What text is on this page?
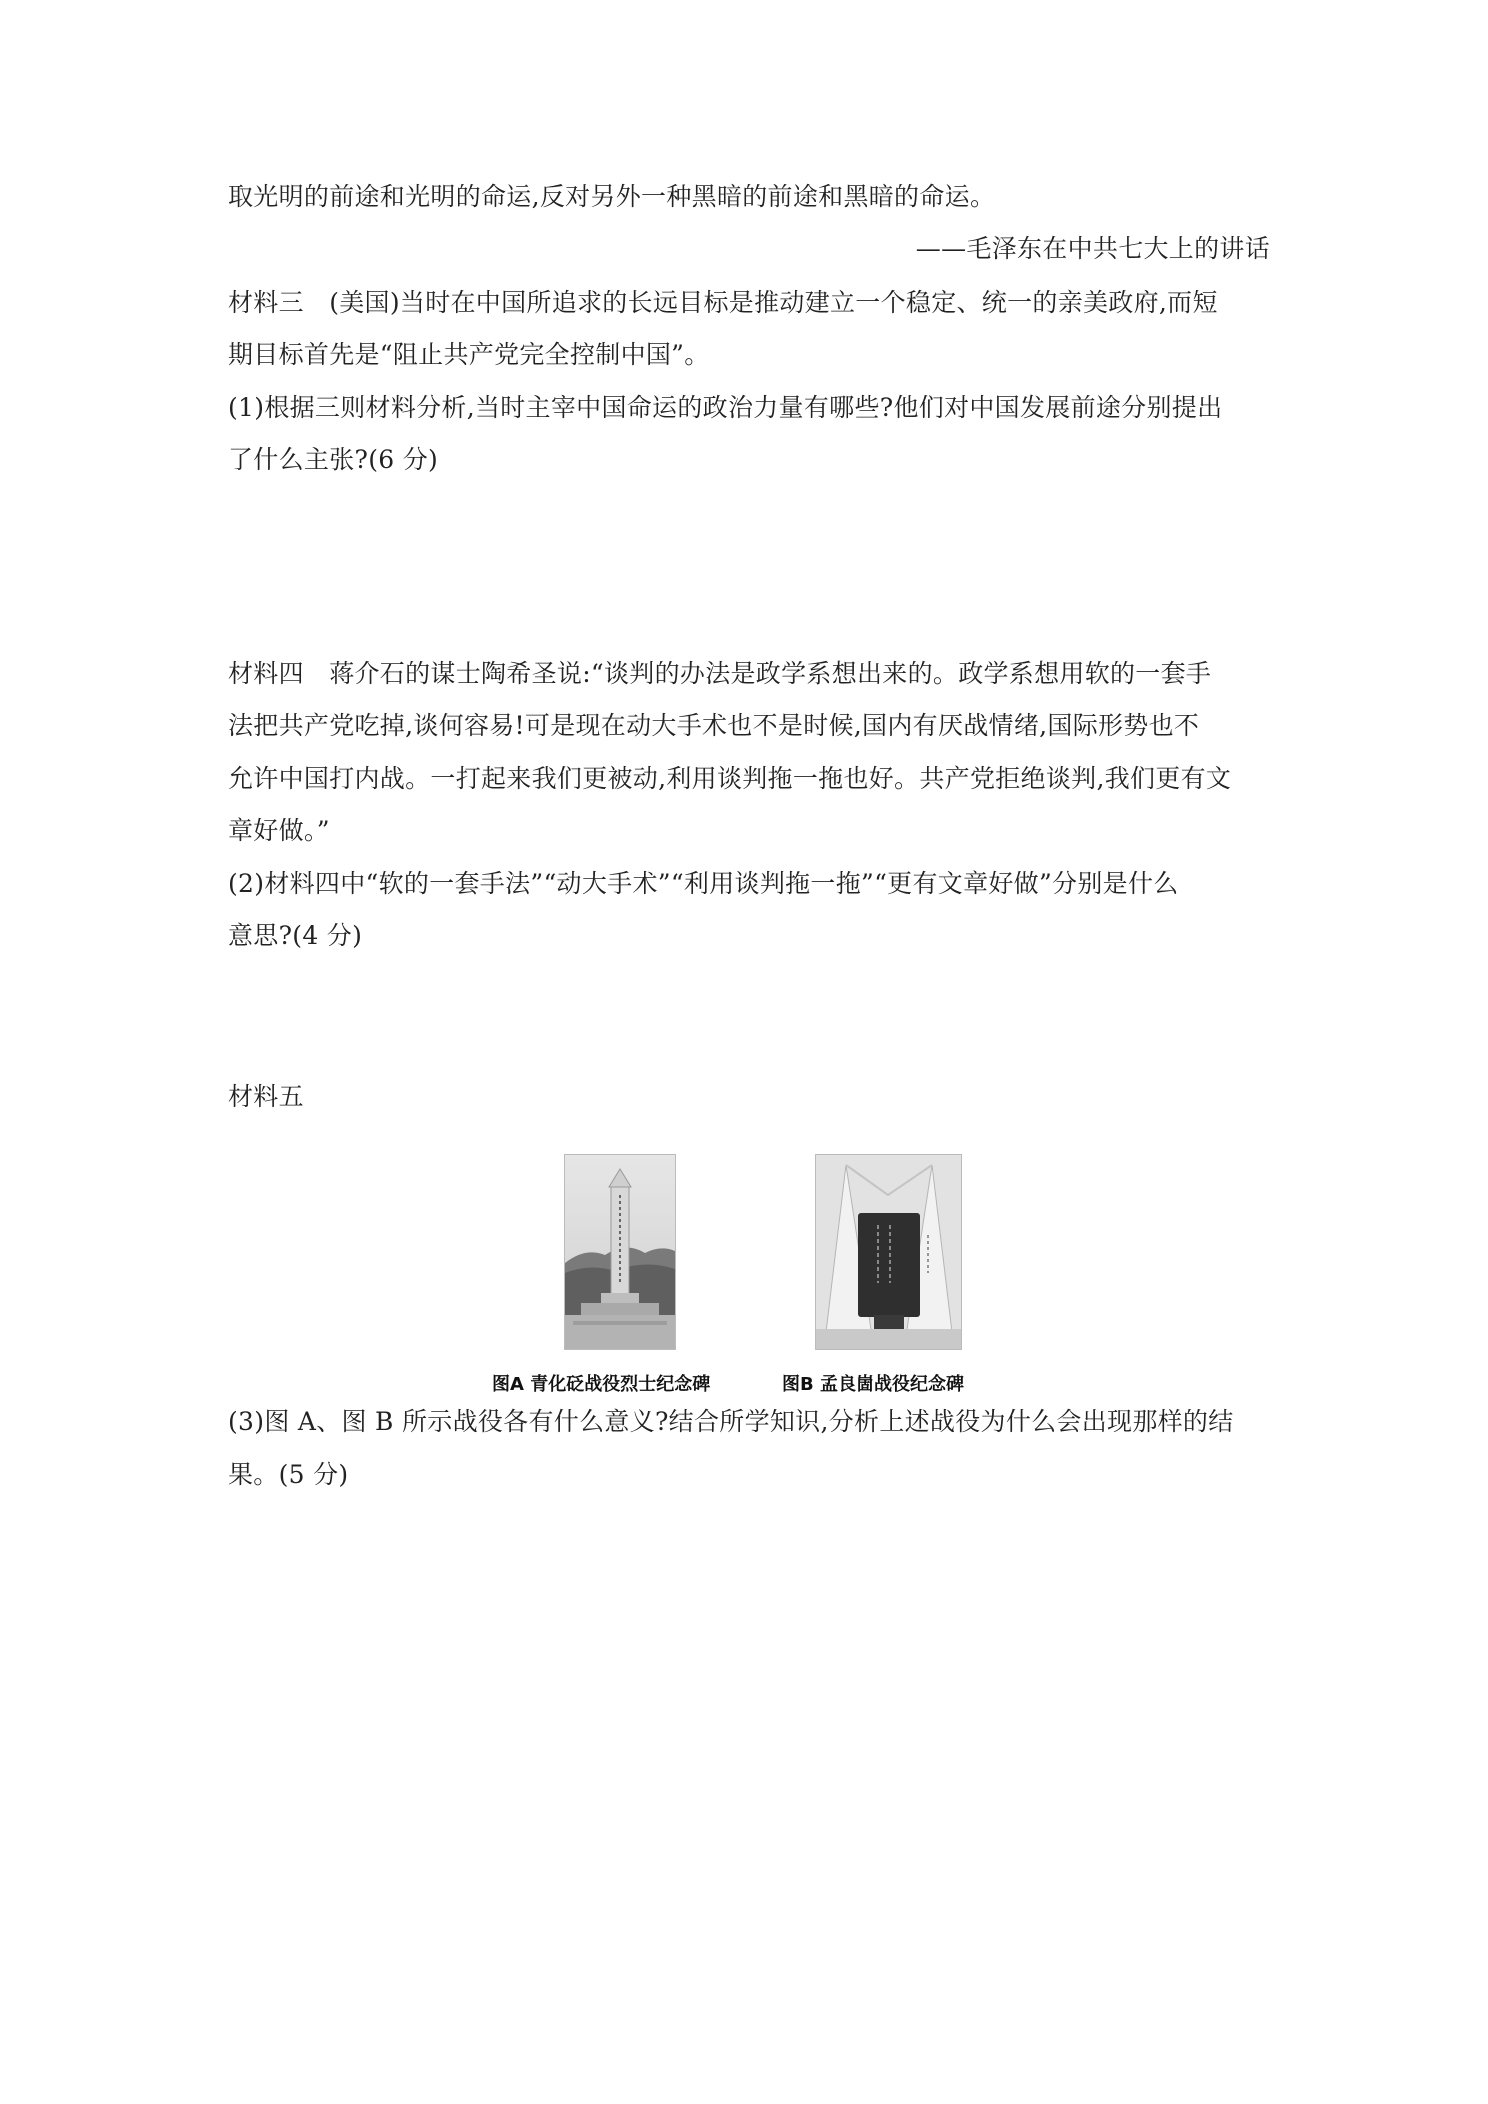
取光明的前途和光明的命运,反对另外一种黑暗的前途和黑暗的命运。
——毛泽东在中共七大上的讲话
材料三　(美国)当时在中国所追求的长远目标是推动建立一个稳定、统一的亲美政府,而短
期目标首先是“阻止共产党完全控制中国”。
(1)根据三则材料分析,当时主宰中国命运的政治力量有哪些?他们对中国发展前途分别提出
了什么主张?(6 分)
材料四　蒋介石的谋士陶希圣说:“谈判的办法是政学系想出来的。政学系想用软的一套手
法把共产党吃掉,谈何容易!可是现在动大手术也不是时候,国内有厌战情绪,国际形势也不
允许中国打内战。一打起来我们更被动,利用谈判拖一拖也好。共产党拒绝谈判,我们更有文
章好做。”
(2)材料四中“软的一套手法”“动大手术”“利用谈判拖一拖”“更有文章好做”分别是什么
意思?(4 分)
材料五
图A 青化砭战役烈士纪念碑	图B 孟良崮战役纪念碑
(3)图 A、图 B 所示战役各有什么意义?结合所学知识,分析上述战役为什么会出现那样的结
果。(5 分)
